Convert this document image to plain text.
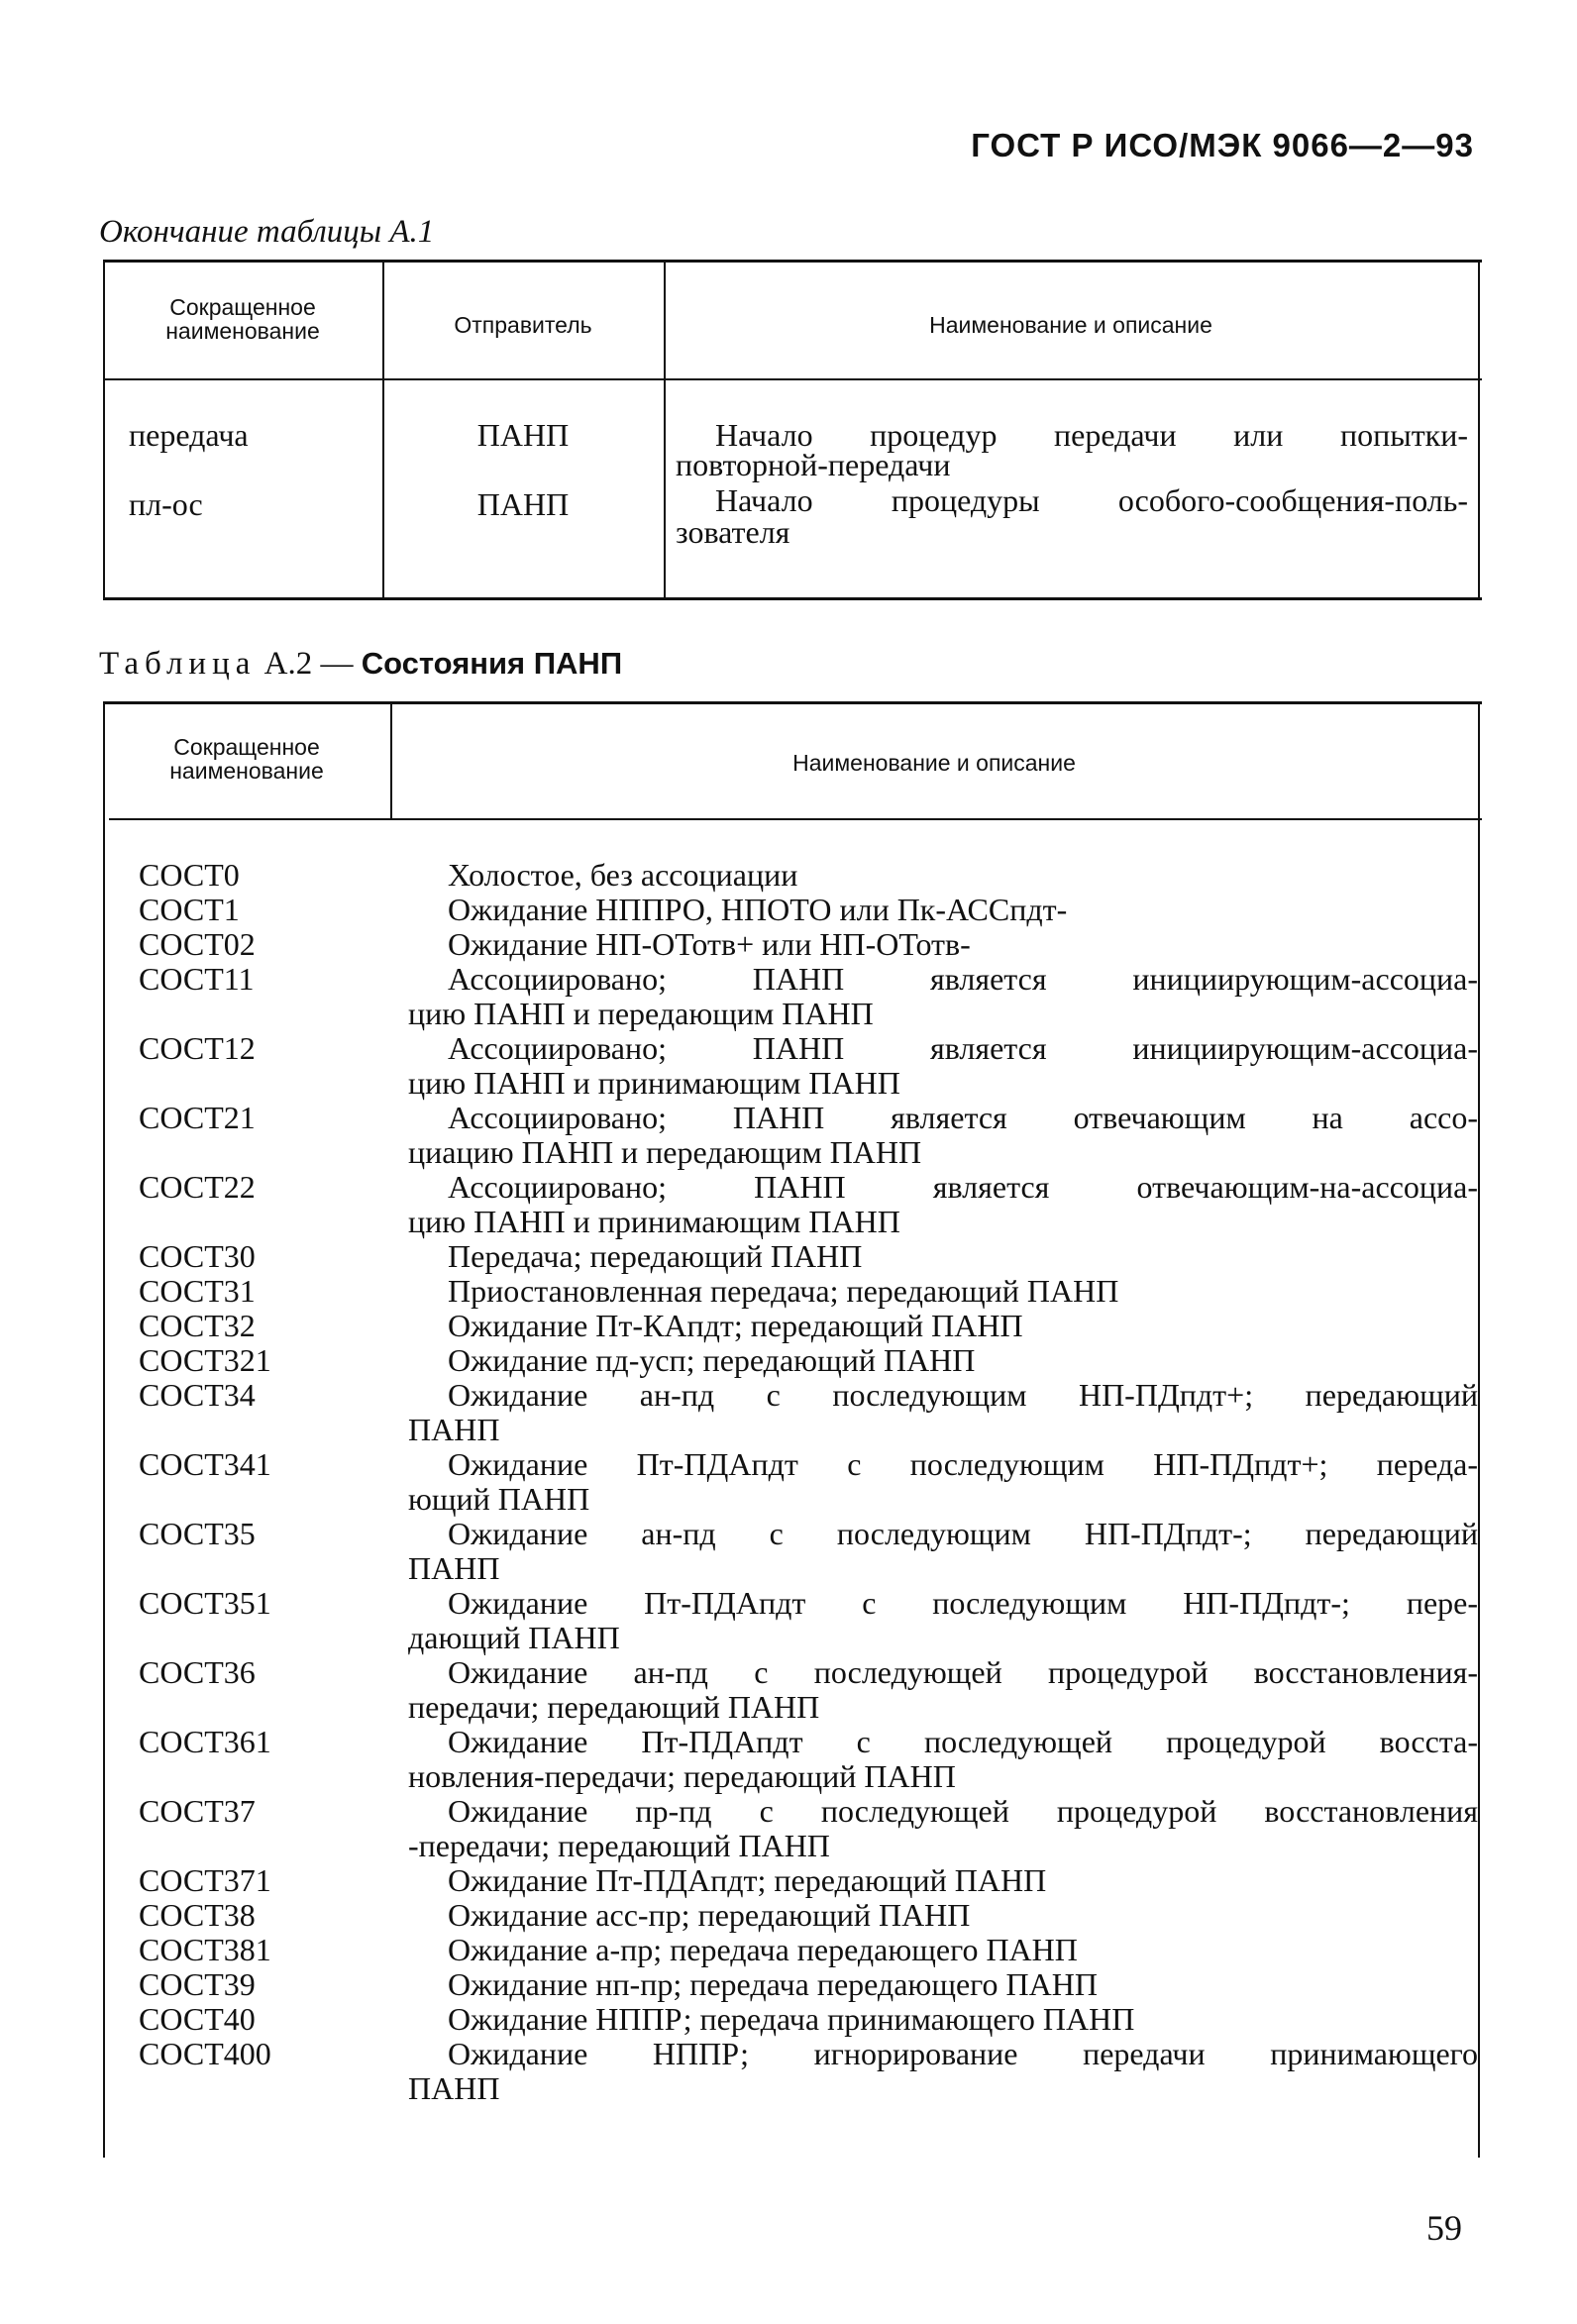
ГОСТ Р ИСО/МЭК 9066—2—93
Окончание таблицы А.1
Сокращенное
наименование	Отправитель	Наименование и описание
передача	ПАНП	Начало процедур передачи или попытки-
повторной-передачи
пл-ос	ПАНП	Начало процедуры особого-сообщения-поль-
зователя
Таблица А.2 — Состояния ПАНП
Сокращенное
наименование	Наименование и описание
СОСТ0	Холостое, без ассоциации
СОСТ1	Ожидание НППРО, НПОТО или Пк-АССпдт-
СОСТ02	Ожидание НП-ОТотв+ или НП-ОТотв-
СОСТ11	Ассоциировано; ПАНП является инициирующим-ассоциа-
цию ПАНП и передающим ПАНП
СОСТ12	Ассоциировано; ПАНП является инициирующим-ассоциа-
цию ПАНП и принимающим ПАНП
СОСТ21	Ассоциировано; ПАНП является отвечающим на ассо-
циацию ПАНП и передающим ПАНП
СОСТ22	Ассоциировано; ПАНП является отвечающим-на-ассоциа-
цию ПАНП и принимающим ПАНП
СОСТ30	Передача; передающий ПАНП
СОСТ31	Приостановленная передача; передающий ПАНП
СОСТ32	Ожидание Пт-КАпдт; передающий ПАНП
СОСТ321	Ожидание пд-усп; передающий ПАНП
СОСТ34	Ожидание ан-пд с последующим НП-ПДпдт+; передающий
ПАНП
СОСТ341	Ожидание Пт-ПДАпдт с последующим НП-ПДпдт+; переда-
ющий ПАНП
СОСТ35	Ожидание ан-пд с последующим НП-ПДпдт-; передающий
ПАНП
СОСТ351	Ожидание Пт-ПДАпдт с последующим НП-ПДпдт-; пере-
дающий ПАНП
СОСТ36	Ожидание ан-пд с последующей процедурой восстановления-
передачи; передающий ПАНП
СОСТ361	Ожидание Пт-ПДАпдт с последующей процедурой восста-
новления-передачи; передающий ПАНП
СОСТ37	Ожидание пр-пд с последующей процедурой восстановления
-передачи; передающий ПАНП
СОСТ371	Ожидание Пт-ПДАпдт; передающий ПАНП
СОСТ38	Ожидание асс-пр; передающий ПАНП
СОСТ381	Ожидание а-пр; передача передающего ПАНП
СОСТ39	Ожидание нп-пр; передача передающего ПАНП
СОСТ40	Ожидание НППР; передача принимающего ПАНП
СОСТ400	Ожидание НППР; игнорирование передачи принимающего
ПАНП
59
